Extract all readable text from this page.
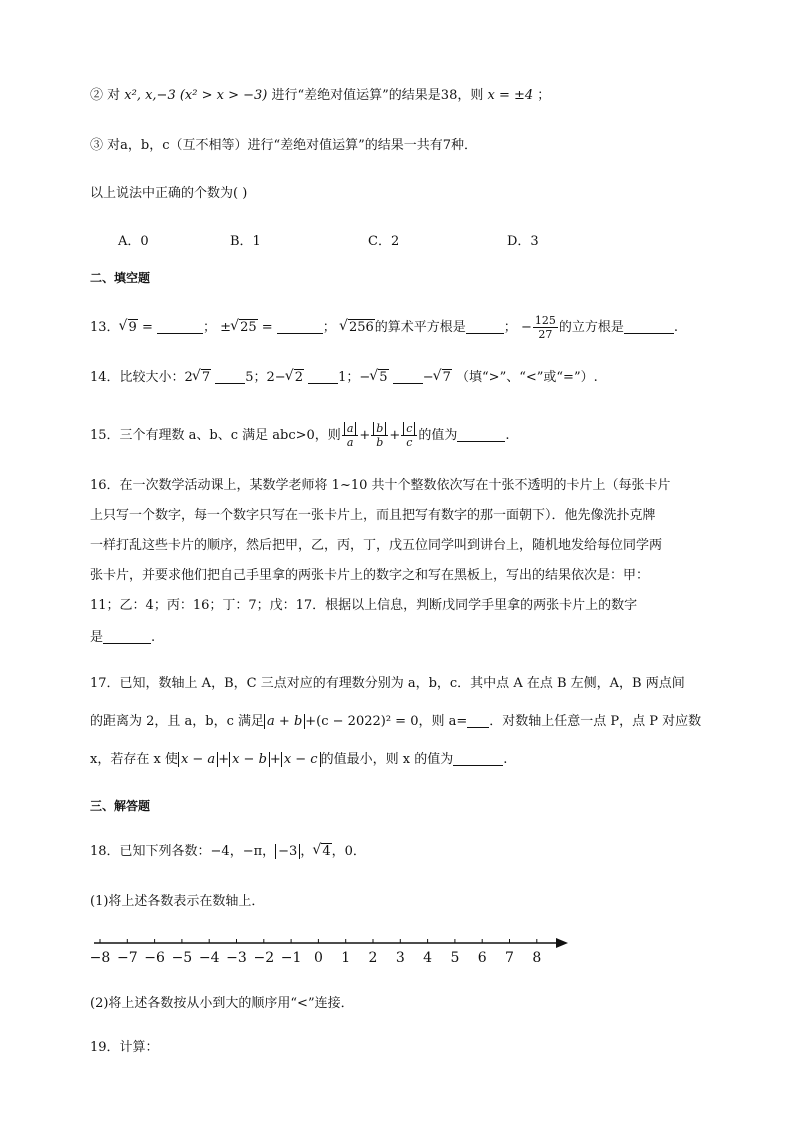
② 对 x², x,−3 (x² > x > −3) 进行“差绝对值运算”的结果是38，则 x = ±4 ；
③ 对a，b，c（互不相等）进行“差绝对值运算”的结果一共有7种．
以上说法中正确的个数为( )
A．0	B．1	C．2	D．3
二、填空题
13． √ 9 =	； ± √ 25 =	； √ 256的算术平方根是	； − $\frac{125}{27}$ 的立方根是	.
14．比较大小：2 √ 7	5；2− √ 2	1；− √ 5	− √ 7 （填“>”、“<”或“=”）.
15．三个有理数 a、b、c 满足 abc>0，则 $\frac{a}{a} + \frac{b}{b} + \frac{c}{c}$ 的值为	.
16．在一次数学活动课上，某数学老师将 1~10 共十个整数依次写在十张不透明的卡片上（每张卡片
上只写一个数字，每一个数字只写在一张卡片上，而且把写有数字的那一面朝下）．他先像洗扑克牌
一样打乱这些卡片的顺序，然后把甲，乙，丙，丁，戊五位同学叫到讲台上，随机地发给每位同学两
张卡片，并要求他们把自己手里拿的两张卡片上的数字之和写在黑板上，写出的结果依次是：甲：
11；乙：4；丙：16；丁：7；戊：17．根据以上信息，判断戊同学手里拿的两张卡片上的数字
是	.
17．已知，数轴上 A，B，C 三点对应的有理数分别为 a，b，c．其中点 A 在点 B 左侧，A，B 两点间
的距离为 2，且 a，b，c 满足 a + b +(c − 2022)² = 0，则 a= ．对数轴上任意一点 P，点 P 对应数
x，若存在 x 使 x − a + x − b + x − c 的值最小，则 x 的值为	.
三、解答题
18．已知下列各数：−4，−π， −3 ， √ 4，0．
(1)将上述各数表示在数轴上．
−8 −7 −6 −5 −4 −3 −2 −1 0 1 2 3 4 5 6 7 8
(2)将上述各数按从小到大的顺序用“<”连接．
19．计算：
